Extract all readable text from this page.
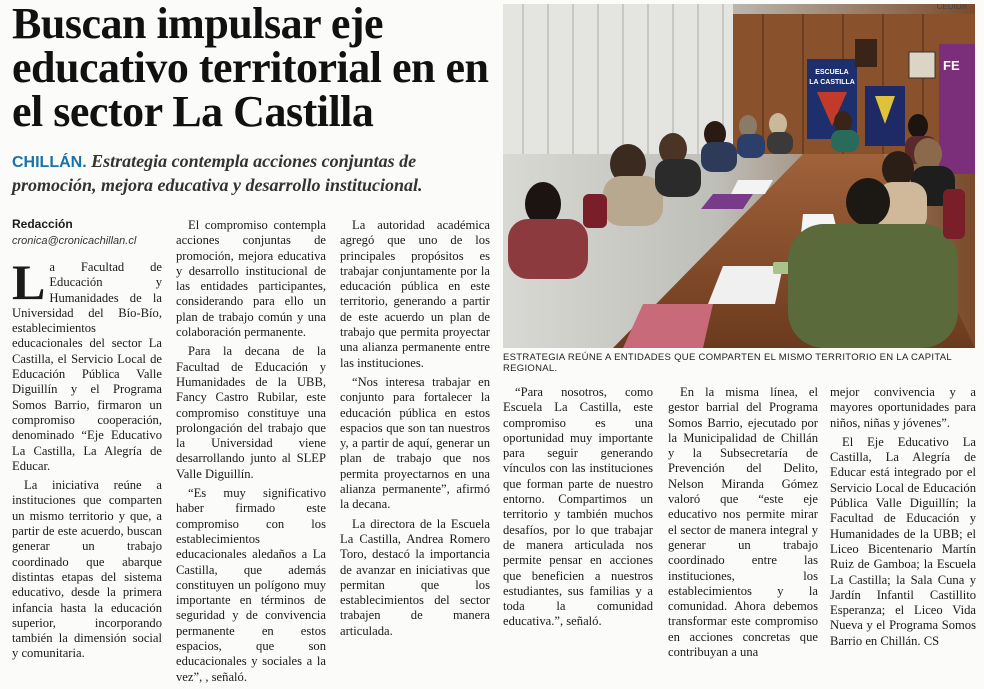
Buscan impulsar eje educativo territorial en en el sector La Castilla
CHILLÁN. Estrategia contempla acciones conjuntas de promoción, mejora educativa y desarrollo institucional.
Redacción
cronica@cronicachillan.cl

La Facultad de Educación y Humanidades de la Universidad del Bío-Bío, establecimientos educacionales del sector La Castilla, el Servicio Local de Educación Pública Valle Diguillín y el Programa Somos Barrio, firmaron un compromiso cooperación, denominado “Eje Educativo La Castilla, La Alegría de Educar.

La iniciativa reúne a instituciones que comparten un mismo territorio y que, a partir de este acuerdo, buscan generar un trabajo coordinado que abarque distintas etapas del sistema educativo, desde la primera infancia hasta la educación superior, incorporando también la dimensión social y comunitaria.

El compromiso contempla acciones conjuntas de promoción, mejora educativa y desarrollo institucional de las entidades participantes, considerando para ello un plan de trabajo común y una colaboración permanente.

Para la decana de la Facultad de Educación y Humanidades de la UBB, Fancy Castro Rubilar, este compromiso constituye una prolongación del trabajo que la Universidad viene desarrollando junto al SLEP Valle Diguillín.

“Es muy significativo haber firmado este compromiso con los establecimientos educacionales aledaños a La Castilla, que además constituyen un polígono muy importante en términos de seguridad y de convivencia permanente en estos espacios, que son educacionales y sociales a la vez”, , señaló.

La autoridad académica agregó que uno de los principales propósitos es trabajar conjuntamente por la educación pública en este territorio, generando a partir de este acuerdo un plan de trabajo que permita proyectar una alianza permanente entre las instituciones.

“Nos interesa trabajar en conjunto para fortalecer la educación pública en estos espacios que son tan nuestros y, a partir de aquí, generar un plan de trabajo que nos permita proyectarnos en una alianza permanente”, afirmó la decana.

La directora de la Escuela La Castilla, Andrea Romero Toro, destacó la importancia de avanzar en iniciativas que permitan que los establecimientos del sector trabajen de manera articulada.

ESCUELA
LA CASTILLA
FE
CEDIDA
ESTRATEGIA REÚNE A ENTIDADES QUE COMPARTEN EL MISMO TERRITORIO EN LA CAPITAL REGIONAL.

“Para nosotros, como Escuela La Castilla, este compromiso es una oportunidad muy importante para seguir generando vínculos con las instituciones que forman parte de nuestro entorno. Compartimos un territorio y también muchos desafíos, por lo que trabajar de manera articulada nos permite pensar en acciones que beneficien a nuestros estudiantes, sus familias y a toda la comunidad educativa.”, señaló.

En la misma línea, el gestor barrial del Programa Somos Barrio, ejecutado por la Municipalidad de Chillán y la Subsecretaría de Prevención del Delito, Nelson Miranda Gómez valoró que “este eje educativo nos permite mirar el sector de manera integral y generar un trabajo coordinado entre las instituciones, los establecimientos y la comunidad. Ahora debemos transformar este compromiso en acciones concretas que contribuyan a una

mejor convivencia y a mayores oportunidades para niños, niñas y jóvenes”.

El Eje Educativo La Castilla, La Alegría de Educar está integrado por el Servicio Local de Educación Pública Valle Diguillín; la Facultad de Educación y Humanidades de la UBB; el Liceo Bicentenario Martín Ruiz de Gamboa; la Escuela La Castilla; la Sala Cuna y Jardín Infantil Castillito Esperanza; el Liceo Vida Nueva y el Programa Somos Barrio en Chillán. CS
